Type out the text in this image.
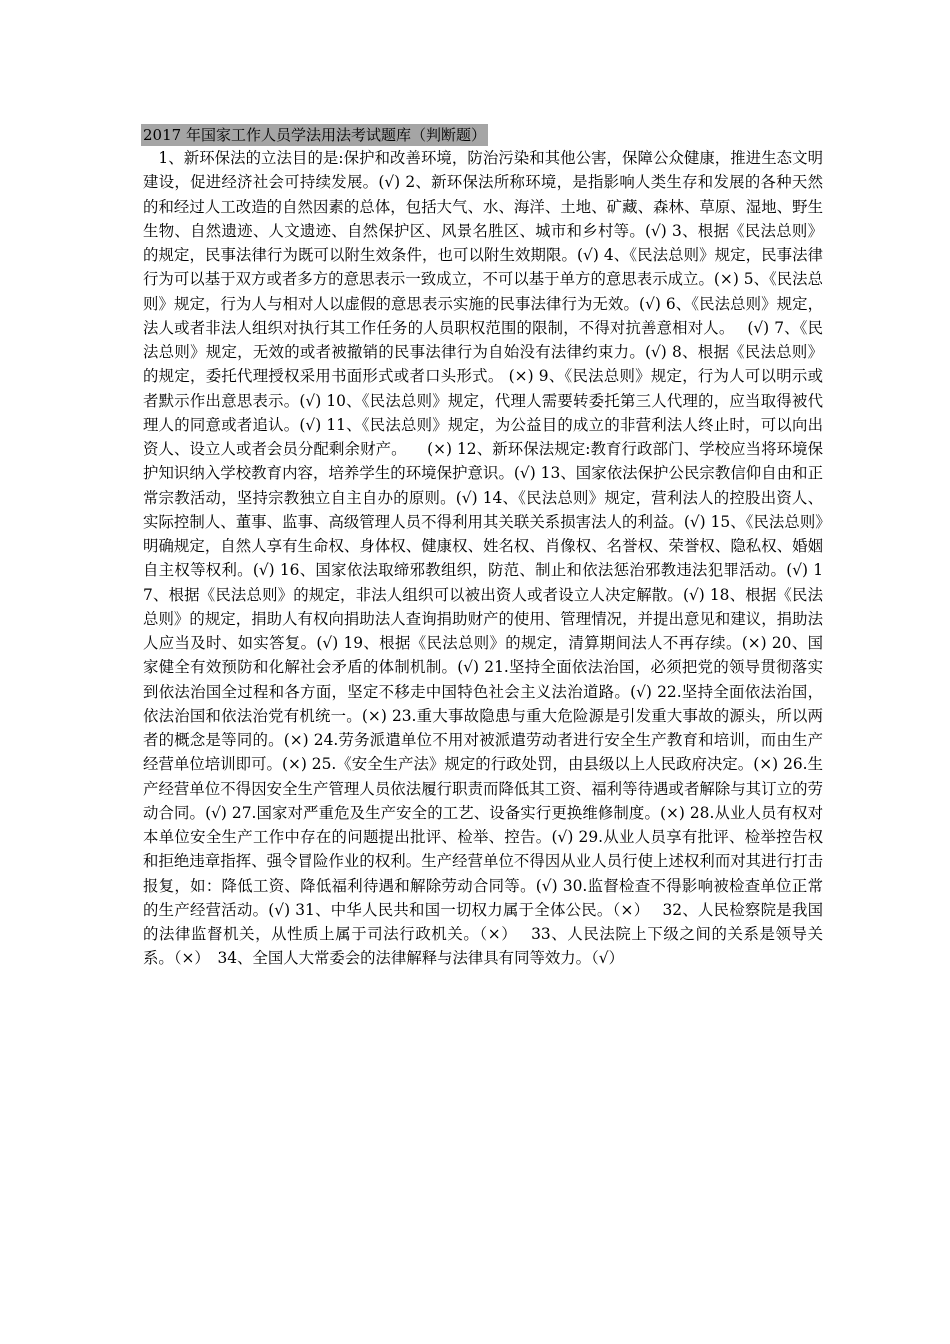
2017 年国家工作人员学法用法考试题库（判断题）

1、新环保法的立法目的是:保护和改善环境，防治污染和其他公害，保障公众健康，推进生态文明建设，促进经济社会可持续发展。(√) 2、新环保法所称环境，是指影响人类生存和发展的各种天然的和经过人工改造的自然因素的总体，包括大气、水、海洋、土地、矿藏、森林、草原、湿地、野生生物、自然遗迹、人文遗迹、自然保护区、风景名胜区、城市和乡村等。(√) 3、根据《民法总则》的规定，民事法律行为既可以附生效条件，也可以附生效期限。(√) 4、《民法总则》规定，民事法律行为可以基于双方或者多方的意思表示一致成立，不可以基于单方的意思表示成立。(×) 5、《民法总则》规定，行为人与相对人以虚假的意思表示实施的民事法律行为无效。(√) 6、《民法总则》规定，法人或者非法人组织对执行其工作任务的人员职权范围的限制，不得对抗善意相对人。　 (√) 7、《民法总则》规定，无效的或者被撤销的民事法律行为自始没有法律约束力。(√) 8、根据《民法总则》的规定，委托代理授权采用书面形式或者口头形式。 (×) 9、《民法总则》规定，行为人可以明示或者默示作出意思表示。(√) 10、《民法总则》规定，代理人需要转委托第三人代理的，应当取得被代理人的同意或者追认。(√) 11、《民法总则》规定，为公益目的成立的非营利法人终止时，可以向出资人、设立人或者会员分配剩余财产。 　(×) 12、新环保法规定:教育行政部门、学校应当将环境保护知识纳入学校教育内容，培养学生的环境保护意识。(√) 13、国家依法保护公民宗教信仰自由和正常宗教活动，坚持宗教独立自主自办的原则。(√) 14、《民法总则》规定，营利法人的控股出资人、实际控制人、董事、监事、高级管理人员不得利用其关联关系损害法人的利益。(√) 15、《民法总则》明确规定，自然人享有生命权、身体权、健康权、姓名权、肖像权、名誉权、荣誉权、隐私权、婚姻自主权等权利。(√) 16、国家依法取缔邪教组织，防范、制止和依法惩治邪教违法犯罪活动。(√) 17、根据《民法总则》的规定，非法人组织可以被出资人或者设立人决定解散。(√) 18、根据《民法总则》的规定，捐助人有权向捐助法人查询捐助财产的使用、管理情况，并提出意见和建议，捐助法人应当及时、如实答复。(√) 19、根据《民法总则》的规定，清算期间法人不再存续。(×) 20、国家健全有效预防和化解社会矛盾的体制机制。(√) 21.坚持全面依法治国，必须把党的领导贯彻落实到依法治国全过程和各方面，坚定不移走中国特色社会主义法治道路。(√) 22.坚持全面依法治国，依法治国和依法治党有机统一。(×) 23.重大事故隐患与重大危险源是引发重大事故的源头，所以两者的概念是等同的。(×) 24.劳务派遣单位不用对被派遣劳动者进行安全生产教育和培训，而由生产经营单位培训即可。(×) 25.《安全生产法》规定的行政处罚，由县级以上人民政府决定。(×) 26.生产经营单位不得因安全生产管理人员依法履行职责而降低其工资、福利等待遇或者解除与其订立的劳动合同。(√) 27.国家对严重危及生产安全的工艺、设备实行更换维修制度。(×) 28.从业人员有权对本单位安全生产工作中存在的问题提出批评、检举、控告。(√) 29.从业人员享有批评、检举控告权和拒绝违章指挥、强令冒险作业的权利。生产经营单位不得因从业人员行使上述权利而对其进行打击报复，如：降低工资、降低福利待遇和解除劳动合同等。(√) 30.监督检查不得影响被检查单位正常的生产经营活动。(√) 31、中华人民共和国一切权力属于全体公民。（×）　 32、人民检察院是我国的法律监督机关，从性质上属于司法行政机关。（×）　 33、人民法院上下级之间的关系是领导关系。（×）　34、全国人大常委会的法律解释与法律具有同等效力。（√）
